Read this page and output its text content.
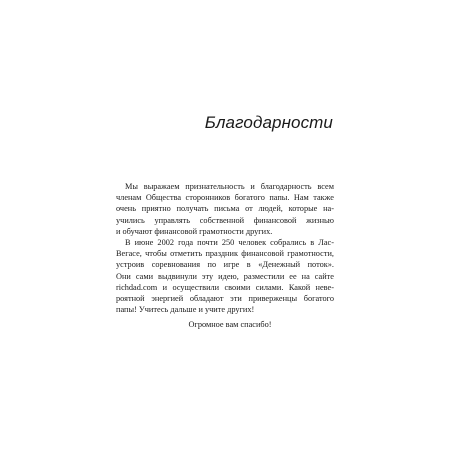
Благодарности
Мы выражаем признательность и благодарность всем
членам Общества сторонников богатого папы. Нам также
очень приятно получать письма от людей, которые на-
учились управлять собственной финансовой жизнью
и обучают финансовой грамотности других.
В июне 2002 года почти 250 человек собрались в Лас-
Вегасе, чтобы отметить праздник финансовой грамотности,
устроив соревнования по игре в «Денежный поток».
Они сами выдвинули эту идею, разместили ее на сайте
richdad.com и осуществили своими силами. Какой неве-
роятной энергией обладают эти приверженцы богатого
папы! Учитесь дальше и учите других!
Огромное вам спасибо!
